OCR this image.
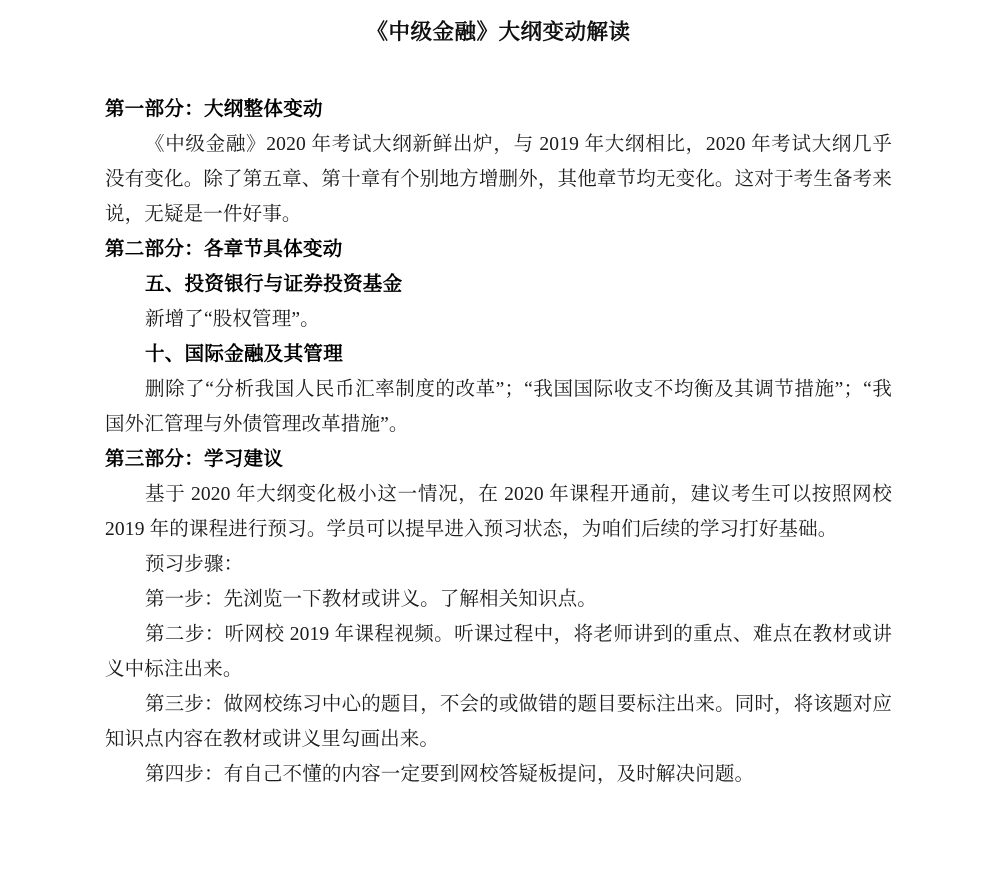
《中级金融》大纲变动解读
第一部分：大纲整体变动

《中级金融》2020 年考试大纲新鲜出炉，与 2019 年大纲相比，2020 年考试大纲几乎没有变化。除了第五章、第十章有个别地方增删外，其他章节均无变化。这对于考生备考来说，无疑是一件好事。

第二部分：各章节具体变动
五、投资银行与证券投资基金

新增了“股权管理”。

十、国际金融及其管理

删除了“分析我国人民币汇率制度的改革”；“我国国际收支不均衡及其调节措施”；“我国外汇管理与外债管理改革措施”。

第三部分：学习建议

基于 2020 年大纲变化极小这一情况，在 2020 年课程开通前，建议考生可以按照网校 2019 年的课程进行预习。学员可以提早进入预习状态，为咱们后续的学习打好基础。

预习步骤：

第一步：先浏览一下教材或讲义。了解相关知识点。

第二步：听网校 2019 年课程视频。听课过程中，将老师讲到的重点、难点在教材或讲义中标注出来。

第三步：做网校练习中心的题目，不会的或做错的题目要标注出来。同时，将该题对应知识点内容在教材或讲义里勾画出来。

第四步：有自己不懂的内容一定要到网校答疑板提问，及时解决问题。
